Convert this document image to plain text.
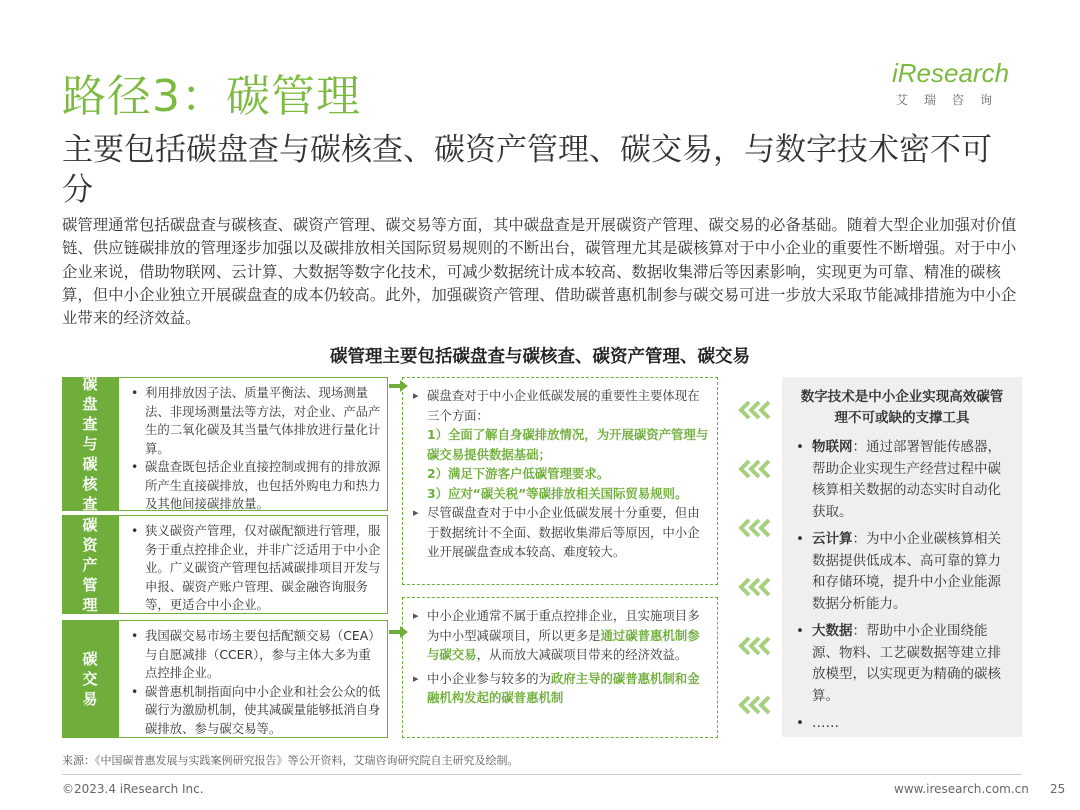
路径3：碳管理	iResearch
艾瑞咨询
主要包括碳盘查与碳核查、碳资产管理、碳交易，与数字技术密不可分
碳管理通常包括碳盘查与碳核查、碳资产管理、碳交易等方面，其中碳盘查是开展碳资产管理、碳交易的必备基础。随着大型企业加强对价值链、供应链碳排放的管理逐步加强以及碳排放相关国际贸易规则的不断出台，碳管理尤其是碳核算对于中小企业的重要性不断增强。对于中小企业来说，借助物联网、云计算、大数据等数字化技术，可减少数据统计成本较高、数据收集滞后等因素影响，实现更为可靠、精准的碳核算，但中小企业独立开展碳盘查的成本仍较高。此外，加强碳资产管理、借助碳普惠机制参与碳交易可进一步放大采取节能减排措施为中小企业带来的经济效益。
碳管理主要包括碳盘查与碳核查、碳资产管理、碳交易
碳盘查与碳核查
• 利用排放因子法、质量平衡法、现场测量法、非现场测量法等方法，对企业、产品产生的二氧化碳及其当量气体排放进行量化计算。
• 碳盘查既包括企业直接控制或拥有的排放源所产生直接碳排放，也包括外购电力和热力及其他间接碳排放量。
碳资产管理
• 狭义碳资产管理，仅对碳配额进行管理，服务于重点控排企业，并非广泛适用于中小企业。广义碳资产管理包括减碳排项目开发与申报、碳资产账户管理、碳金融咨询服务等，更适合中小企业。
碳交易
• 我国碳交易市场主要包括配额交易（CEA）与自愿减排（CCER），参与主体大多为重点控排企业。
• 碳普惠机制指面向中小企业和社会公众的低碳行为激励机制，使其减碳量能够抵消自身碳排放、参与碳交易等。
▸ 碳盘查对于中小企业低碳发展的重要性主要体现在三个方面：
1）全面了解自身碳排放情况，为开展碳资产管理与碳交易提供数据基础；
2）满足下游客户低碳管理要求。
3）应对“碳关税”等碳排放相关国际贸易规则。
▸ 尽管碳盘查对于中小企业低碳发展十分重要，但由于数据统计不全面、数据收集滞后等原因，中小企业开展碳盘查成本较高、难度较大。
▸ 中小企业通常不属于重点控排企业，且实施项目多为中小型减碳项目，所以更多是通过碳普惠机制参与碳交易，从而放大减碳项目带来的经济效益。
▸ 中小企业参与较多的为政府主导的碳普惠机制和金融机构发起的碳普惠机制
数字技术是中小企业实现高效碳管理不可或缺的支撑工具
• 物联网：通过部署智能传感器，帮助企业实现生产经营过程中碳核算相关数据的动态实时自动化获取。
• 云计算：为中小企业碳核算相关数据提供低成本、高可靠的算力和存储环境，提升中小企业能源数据分析能力。
• 大数据：帮助中小企业围绕能源、物料、工艺碳数据等建立排放模型，以实现更为精确的碳核算。
• ……
来源：《中国碳普惠发展与实践案例研究报告》等公开资料，艾瑞咨询研究院自主研究及绘制。
©2023.4 iResearch Inc.	www.iresearch.com.cn 25
